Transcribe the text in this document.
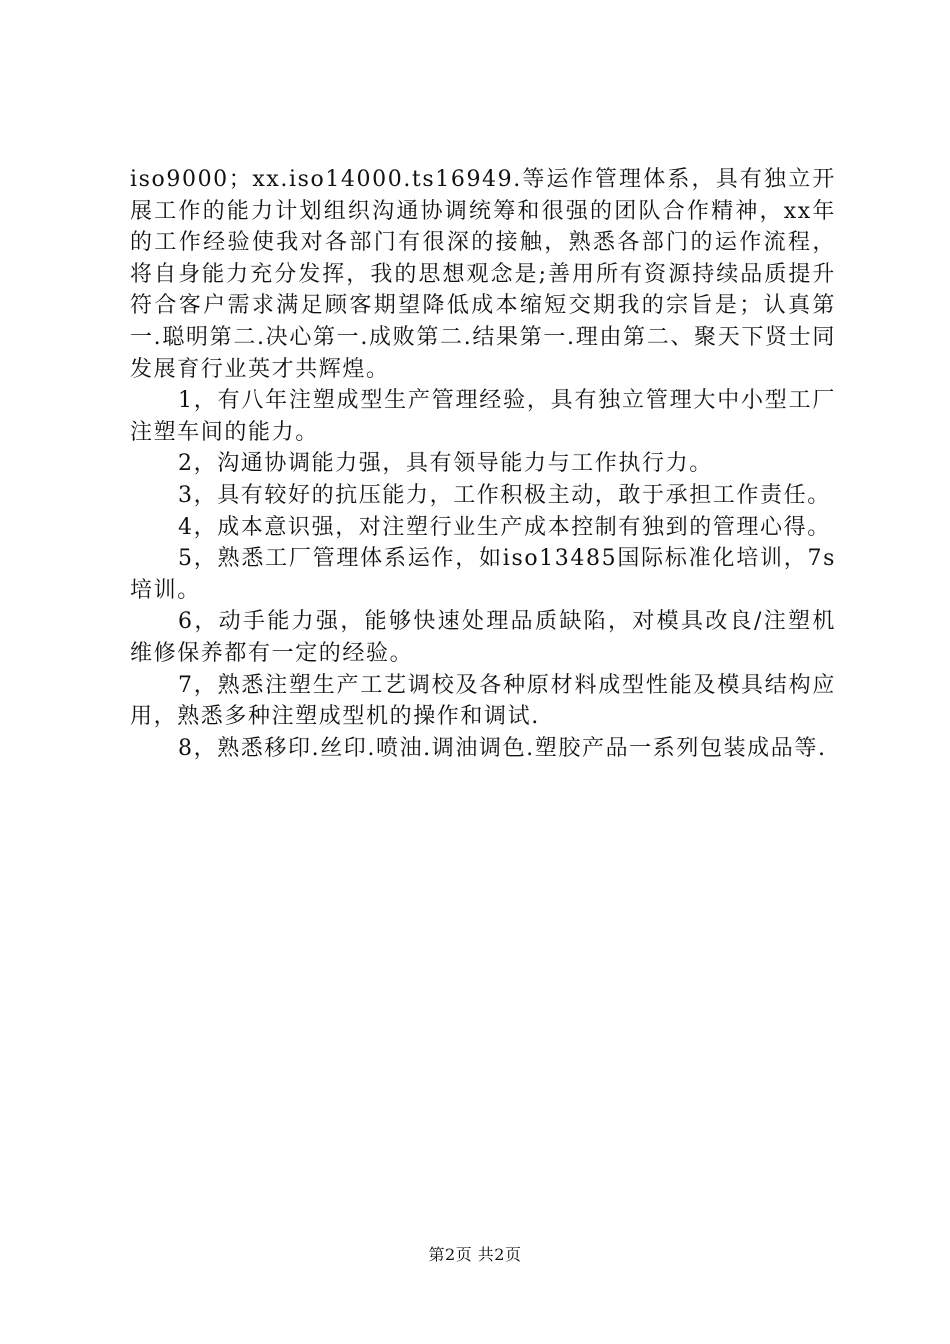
iso9000；xx.iso14000.ts16949.等运作管理体系，具有独立开展工作的能力计划组织沟通协调统筹和很强的团队合作精神，xx年的工作经验使我对各部门有很深的接触，熟悉各部门的运作流程，将自身能力充分发挥，我的思想观念是;善用所有资源持续品质提升符合客户需求满足顾客期望降低成本缩短交期我的宗旨是；认真第一.聪明第二.决心第一.成败第二.结果第一.理由第二、聚天下贤士同发展育行业英才共辉煌。

1，有八年注塑成型生产管理经验，具有独立管理大中小型工厂注塑车间的能力。

2，沟通协调能力强，具有领导能力与工作执行力。

3，具有较好的抗压能力，工作积极主动，敢于承担工作责任。

4，成本意识强，对注塑行业生产成本控制有独到的管理心得。

5，熟悉工厂管理体系运作，如iso13485国际标准化培训，7s培训。

6，动手能力强，能够快速处理品质缺陷，对模具改良/注塑机维修保养都有一定的经验。

7，熟悉注塑生产工艺调校及各种原材料成型性能及模具结构应用，熟悉多种注塑成型机的操作和调试.

8，熟悉移印.丝印.喷油.调油调色.塑胶产品一系列包装成品等.

第2页 共2页
